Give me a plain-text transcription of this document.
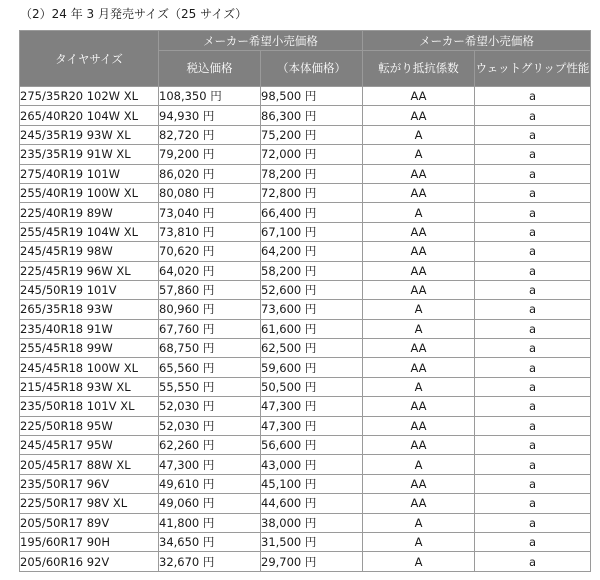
（2）24 年 3 月発売サイズ（25 サイズ）
タイヤサイズ	メーカー希望小売価格		メーカー希望小売価格	
	税込価格	（本体価格）	転がり抵抗係数	ウェットグリップ性能
275/35R20 102W XL	108,350 円	98,500 円	AA	a
265/40R20 104W XL	94,930 円	86,300 円	AA	a
245/35R19 93W XL	82,720 円	75,200 円	A	a
235/35R19 91W XL	79,200 円	72,000 円	A	a
275/40R19 101W	86,020 円	78,200 円	AA	a
255/40R19 100W XL	80,080 円	72,800 円	AA	a
225/40R19 89W	73,040 円	66,400 円	A	a
255/45R19 104W XL	73,810 円	67,100 円	AA	a
245/45R19 98W	70,620 円	64,200 円	AA	a
225/45R19 96W XL	64,020 円	58,200 円	AA	a
245/50R19 101V	57,860 円	52,600 円	AA	a
265/35R18 93W	80,960 円	73,600 円	A	a
235/40R18 91W	67,760 円	61,600 円	A	a
255/45R18 99W	68,750 円	62,500 円	AA	a
245/45R18 100W XL	65,560 円	59,600 円	AA	a
215/45R18 93W XL	55,550 円	50,500 円	A	a
235/50R18 101V XL	52,030 円	47,300 円	AA	a
225/50R18 95W	52,030 円	47,300 円	AA	a
245/45R17 95W	62,260 円	56,600 円	AA	a
205/45R17 88W XL	47,300 円	43,000 円	A	a
235/50R17 96V	49,610 円	45,100 円	AA	a
225/50R17 98V XL	49,060 円	44,600 円	AA	a
205/50R17 89V	41,800 円	38,000 円	A	a
195/60R17 90H	34,650 円	31,500 円	A	a
205/60R16 92V	32,670 円	29,700 円	A	a
